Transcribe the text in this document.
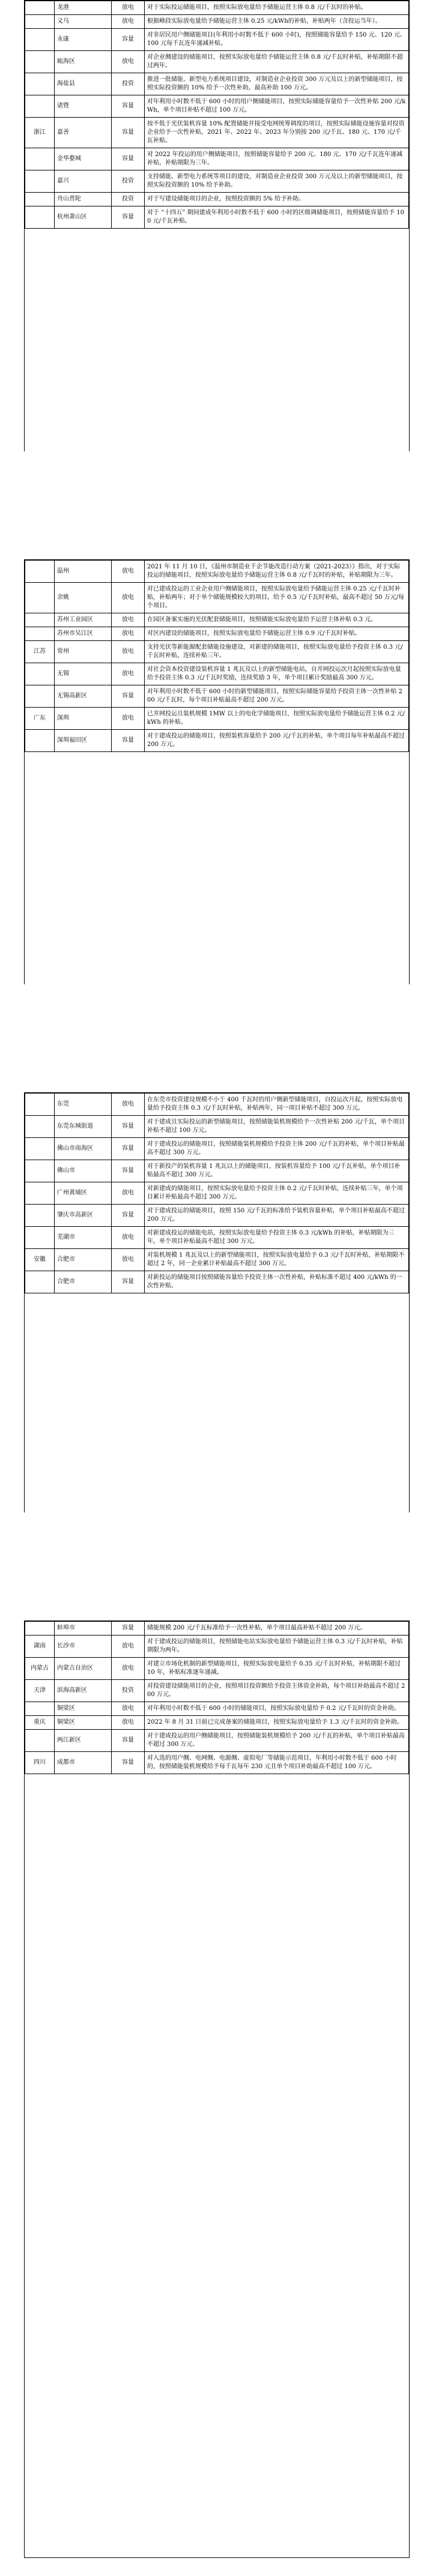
	龙港	放电	对于实际投运储能项目，按照实际放电量给予储能运营主体 0.8 元/千瓦时的补贴。
	义乌	放电	根据峰段实际放电量给予储能运营主体 0.25 元/kWh的补贴，补贴两年（含投运当年）。
	永康	容量	对非居民用户侧储能项目(年利用小时数不低于 600 小时)，按照储能容量给予 150 元、120 元、100 元每千瓦连年递减补贴。
	瓯海区	放电	对企业侧建设的储能项目，按照实际放电量给予储能运营主体 0.8 元/千瓦时补贴，补贴期限不超过两年。
	海盐县	投资	推进一批储能、新型电力系统项目建设，对制造业企业投资 300 万元及以上的新型储能项目，按照实际投资额的 10% 给予一次性补助，最高补助 100 万元。
	诸暨	容量	对年利用小时数不低于 600 小时的用户侧储能项目，按照实际储能容量给予一次性补贴 200 元/kWh，单个项目补贴不超过 100 万元。
浙江	嘉善	容量	按不低于光伏装机容量 10% 配置储能并接受电网统筹调度的项目，按照实际储能设施容量对投资企业给予一次性补贴，2021 年、2022 年、2023 年分别按 200 元/千瓦、180 元、170 元/千瓦补贴。
	金华婺城	容量	对 2022 年投运的用户侧储能项目，按照储能容量给予 200 元、180 元、170 元/千瓦连年递减补贴，补贴期限为三年。
	嘉兴	投资	支持储能、新型电力系统等项目的建设，对制造业企业投资 300 万元及以上的新型储能项目，按照实际投资额的 10% 给予补助。
	舟山普陀	投资	对于写建设储能项目的企业，按照投资额的 5% 给予补助。
	杭州萧山区	容量	对于 “十四五” 期间建成年利用小时数不低于 600 小时的区级调储能项目，按照储能容量给予 100 元/千瓦补贴。
	温州	放电	2021 年 11 月 10 日，《温州市制造业千企节能改造行动方案（2021-2023）》指出，对于实际投运的储能项目，按照实际放电量给予储能运营主体 0.8 元/千瓦时的补贴，补贴期限为三年。
	余姚	放电	对已建成投运的工业企业用户侧储能项目，按照实际放电量给予储能运营主体 0.25 元/千瓦时补贴，补贴两年；对于单个储能规模较大的项目，给予 0.5 元/千瓦时补贴，最高不超过 50 万元/每个项目。
	苏州工业园区	放电	在园区备案实施的光伏配套储能项目，按照储能实际放电量给予运营主体补贴 0.3 元。
	苏州市吴江区	放电	对区内建设的储能项目，按照实际放电量给予储能运营主体 0.9 元/千瓦时补贴。
江苏	常州	放电	支持光伏等新能源配套储能设施建设，对新建的储能项目，按照实际放电量给予投资主体 0.3 元/千瓦时补贴，连续补贴三年。
	无锡	放电	对社会资本投资建设装机容量 1 兆瓦及以上的新型储能电站，自并网投运次月起按照实际放电量给予投资主体 0.3 元/千瓦时奖励，连续奖励 3 年，单个项目累计奖励最高 300 万元。
	无锡高新区	容量	对年利用小时数不低于 600 小时的新型储能项目，按照实际储能容量给予投资主体一次性补贴 200 元/千瓦时，每个项目补贴最高不超过 200 万元。
广东	深圳	放电	已并网投运且装机规模 1MW 以上的电化学储能项目，按照实际放电量给予储能运营主体 0.2 元/kWh 的补贴。
	深圳福田区	容量	对于建成投运的储能项目，按照装机容量给予 200 元/千瓦的补贴，单个项目每年补贴最高不超过 200 万元。
	东莞	放电	在东莞市投资建设规模不小于 400 千瓦时的用户侧新型储能项目，自投运次月起，按照实际放电量给予投资主体 0.3 元/千瓦时补贴，补贴两年，同一项目补贴不超过 300 万元。
	东莞东城街道	容量	对于建成且实际投运的新型储能项目，按照储能装机规模给予一次性补贴 200 元/千瓦，单个项目补贴不超过 100 万元。
	佛山市南海区	容量	对于建成投运的储能项目，按照储能装机规模给予投资主体 200 元/千瓦的补贴，单个项目补贴最高不超过 300 万元。
	佛山市	容量	对于新投产的装机容量 1 兆瓦以上的储能项目，按装机容量给予 100 元/千瓦补贴，单个项目补贴最高不超过 300 万元。
	广州黄埔区	放电	对新建成的储能项目，按照实际放电量给予投资主体 0.2 元/千瓦时补贴，连续补贴三年，单个项目累计补贴最高不超过 300 万元。
	肇庆市高新区	容量	对于建成投运的储能项目，按照 150 元/千瓦的标准给予装机容量补贴，单个项目补贴最高不超过 200 万元。
	芜湖市	放电	对新建成投运的储能电站，按照实际放电量给予投资主体 0.3 元/kWh 的补贴，补贴期限为三年，单个项目补贴最高不超过 300 万元。
安徽	合肥市	放电	对装机规模 1 兆瓦及以上的新型储能项目，按照实际放电量给予 0.3 元/千瓦时补贴，补贴期限不超过 2 年，同一企业累计补贴最高不超过 300 万元。
	合肥市	容量	对新投运的储能项目按照储能容量给予投资主体一次性补贴，补贴标准不超过 400 元/kWh 的一次性补贴。
	蚌埠市	容量	储能规模 200 元/千瓦标准给予一次性补贴，单个项目最高补贴不超过 200 万元。
湖南	长沙市	放电	对于建成投运的储能项目，按照储能电站实际放电量给予储能运营主体 0.3 元/千瓦时补贴，补贴期限为两年。
内蒙古	内蒙古自治区	放电	对建立市场化机制的新型储能项目，按照实际放电量给予 0.35 元/千瓦时补贴，补贴期限不超过 10 年，补贴标准逐年递减。
天津	滨海高新区	投资	对投资建设储能项目的企业，按照项目投资额给予投资主体资金补助，每个项目补助最高不超过 200 万元。
	铜梁区	放电	对年利用小时数不低于 600 小时的储能项目，按照实际放电量给予 0.2 元/千瓦时的资金补助。
重庆	铜梁区	放电	2022 年 8 月 31 日前已完成备案的储能项目，按照实际放电量给予 1.3 元/千瓦时的资金补助。
	两江新区	容量	对于建成投运的用户侧储能项目，按照储能装机规模给予 200 元/千瓦的补贴，单个项目补贴最高不超过 300 万元。
四川	成都市	容量	对入选的用户侧、电网侧、电源侧、虚拟电厂等储能示范项目，年利用小时数不低于 600 小时的，按照储能装机规模给予每千瓦每年 230 元且单个项目补助最高不超过 100 万元。
